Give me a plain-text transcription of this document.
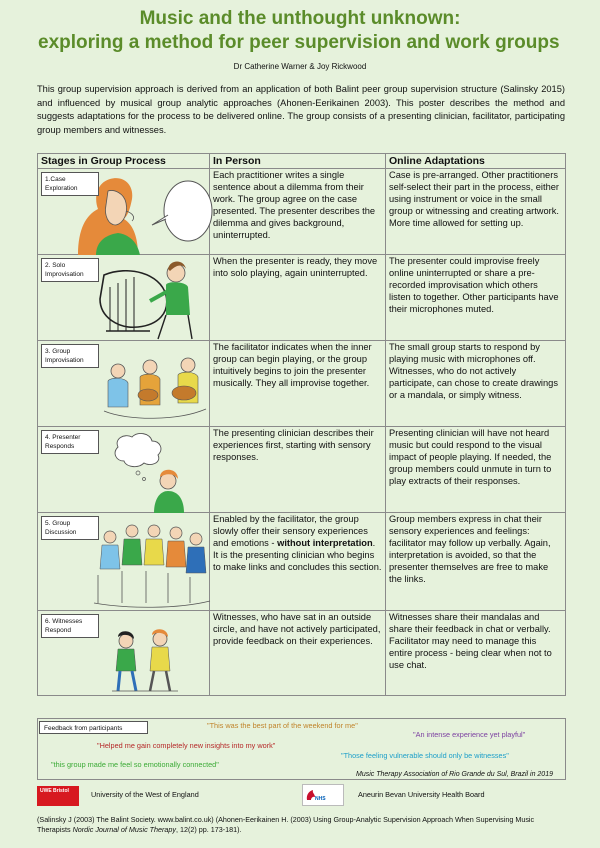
Music and the unthought unknown:
exploring a method for peer supervision and work groups
Dr Catherine Warner & Joy Rickwood
This group supervision approach is derived from an application of both Balint peer group supervision structure (Salinsky 2015) and influenced by musical group analytic approaches (Ahonen-Eerikainen 2003). This poster describes the method and suggests adaptations for the process to be delivered online. The group consists of a presenting clinician, facilitator, participating group members and witnesses.
Stages in Group Process	In Person	Online Adaptations

1.Case Exploration	Each practitioner writes a single sentence about a dilemma from their work. The group agree on the case presented. The presenter describes the dilemma and gives background, uninterrupted.	Case is pre-arranged. Other practitioners self-select their part in the process, either using instrument or voice in the small group or witnessing and creating artwork. More time allowed for setting up.

2. Solo Improvisation	When the presenter is ready, they move into solo playing, again uninterrupted.	The presenter could improvise freely online uninterrupted or share a pre-recorded improvisation which others listen to together. Other participants have their microphones muted.

3. Group Improvisation	The facilitator indicates when the inner group can begin playing, or the group intuitively begins to join the presenter musically. They all improvise together.	The small group starts to respond by playing music with microphones off. Witnesses, who do not actively participate, can chose to create drawings or a mandala, or simply witness.

4. Presenter Responds	The presenting clinician describes their experiences first, starting with sensory responses.	Presenting clinician will have not heard music but could respond to the visual impact of people playing. If needed, the group members could unmute in turn to play extracts of their responses.

5. Group Discussion	Enabled by the facilitator, the group slowly offer their sensory experiences and emotions - without interpretation. It is the presenting clinician who begins to make links and concludes this section.	Group members express in chat their sensory experiences and feelings: facilitator may follow up verbally. Again, interpretation is avoided, so that the presenter themselves are free to make the links.

6. Witnesses Respond	Witnesses, who have sat in an outside circle, and have not actively participated, provide feedback on their experiences.	Witnesses share their mandalas and share their feedback in chat or verbally. Facilitator may need to manage this entire process - being clear when not to use chat.
Feedback from participants	"This was the best part of the weekend for me"
"An intense experience yet playful"
"Helped me gain completely new insights into my work"
"Those feeling vulnerable should only be witnesses"
"this group made me feel so emotionally connected"
Music Therapy Association of Rio Grande du Sul, Brazil in 2019
UWE Bristol	University of the West of England	NHS	Aneurin Bevan University Health Board
(Salinsky J (2003) The Balint Society. www.balint.co.uk) (Ahonen-Eerikainen H. (2003) Using Group-Analytic Supervision Approach When Supervising Music Therapists Nordic Journal of Music Therapy, 12(2) pp. 173-181).
